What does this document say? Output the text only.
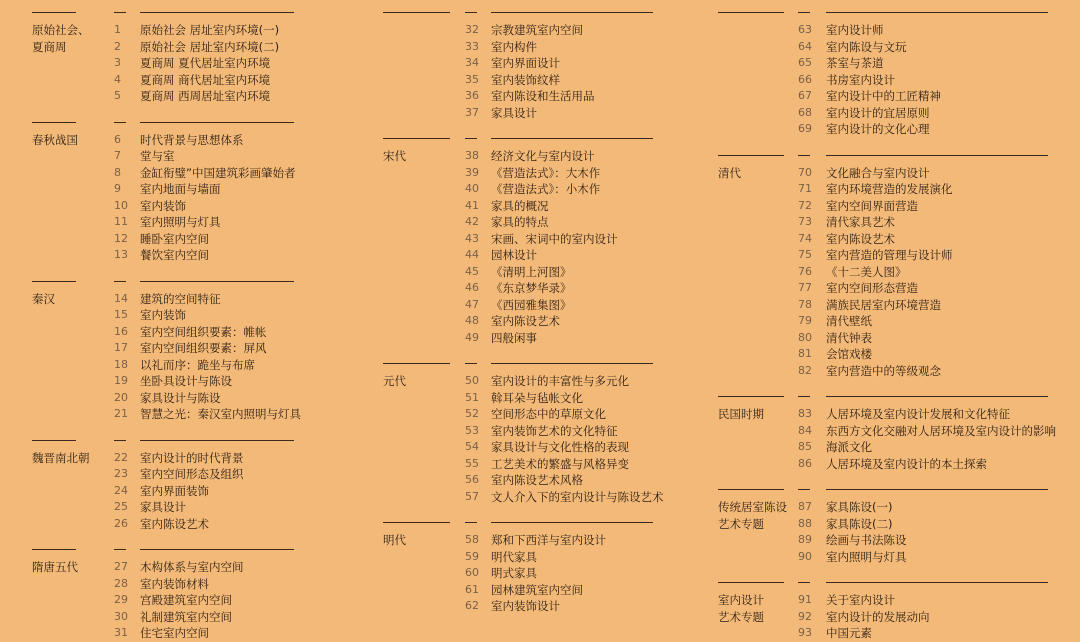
原始社会、
夏商周
1 原始社会 居址室内环境(一)
2 原始社会 居址室内环境(二)
3 夏商周 夏代居址室内环境
4 夏商周 商代居址室内环境
5 夏商周 西周居址室内环境
春秋战国	6 时代背景与思想体系
7 堂与室
8 金缸衔璧”中国建筑彩画肇始者
9 室内地面与墙面
10 室内装饰
11 室内照明与灯具
12 睡卧室内空间
13 餐饮室内空间
秦汉	14 建筑的空间特征
15 室内装饰
16 室内空间组织要素：帷帐
17 室内空间组织要素：屏风
18 以礼而序：跪坐与布席
19 坐卧具设计与陈设
20 家具设计与陈设
21 智慧之光：秦汉室内照明与灯具
魏晋南北朝 22 室内设计的时代背景
23 室内空间形态及组织
24 室内界面装饰
25 家具设计
26 室内陈设艺术
隋唐五代	27 木构体系与室内空间
28 室内装饰材料
29 宫殿建筑室内空间
30 礼制建筑室内空间
31 住宅室内空间
32 宗教建筑室内空间
33 室内构件
34 室内界面设计
35 室内装饰纹样
36 室内陈设和生活用品
37 家具设计
宋代	38 经济文化与室内设计
39 《营造法式》：大木作
40 《营造法式》：小木作
41 家具的概况
42 家具的特点
43 宋画、宋词中的室内设计
44 园林设计
45 《清明上河图》
46 《东京梦华录》
47 《西园雅集图》
48 室内陈设艺术
49 四般闲事
元代	50 室内设计的丰富性与多元化
51 斡耳朵与毡帐文化
52 空间形态中的草原文化
53 室内装饰艺术的文化特征
54 家具设计与文化性格的表现
55 工艺美术的繁盛与风格异变
56 室内陈设艺术风格
57 文人介入下的室内设计与陈设艺术
明代	58 郑和下西洋与室内设计
59 明代家具
60 明式家具
61 园林建筑室内空间
62 室内装饰设计
63 室内设计师
64 室内陈设与文玩
65 茶室与茶道
66 书房室内设计
67 室内设计中的工匠精神
68 室内设计的宜居原则
69 室内设计的文化心理
清代	70 文化融合与室内设计
71 室内环境营造的发展演化
72 室内空间界面营造
73 清代家具艺术
74 室内陈设艺术
75 室内营造的管理与设计师
76 《十二美人图》
77 室内空间形态营造
78 满族民居室内环境营造
79 清代壁纸
80 清代钟表
81 会馆戏楼
82 室内营造中的等级观念
民国时期	83 人居环境及室内设计发展和文化特征
84 东西方文化交融对人居环境及室内设计的影响
85 海派文化
86 人居环境及室内设计的本土探索
传统居室陈设
艺术专题
87 家具陈设(一)
88 家具陈设(二)
89 绘画与书法陈设
90 室内照明与灯具
室内设计
艺术专题
91 关于室内设计
92 室内设计的发展动向
93 中国元素
